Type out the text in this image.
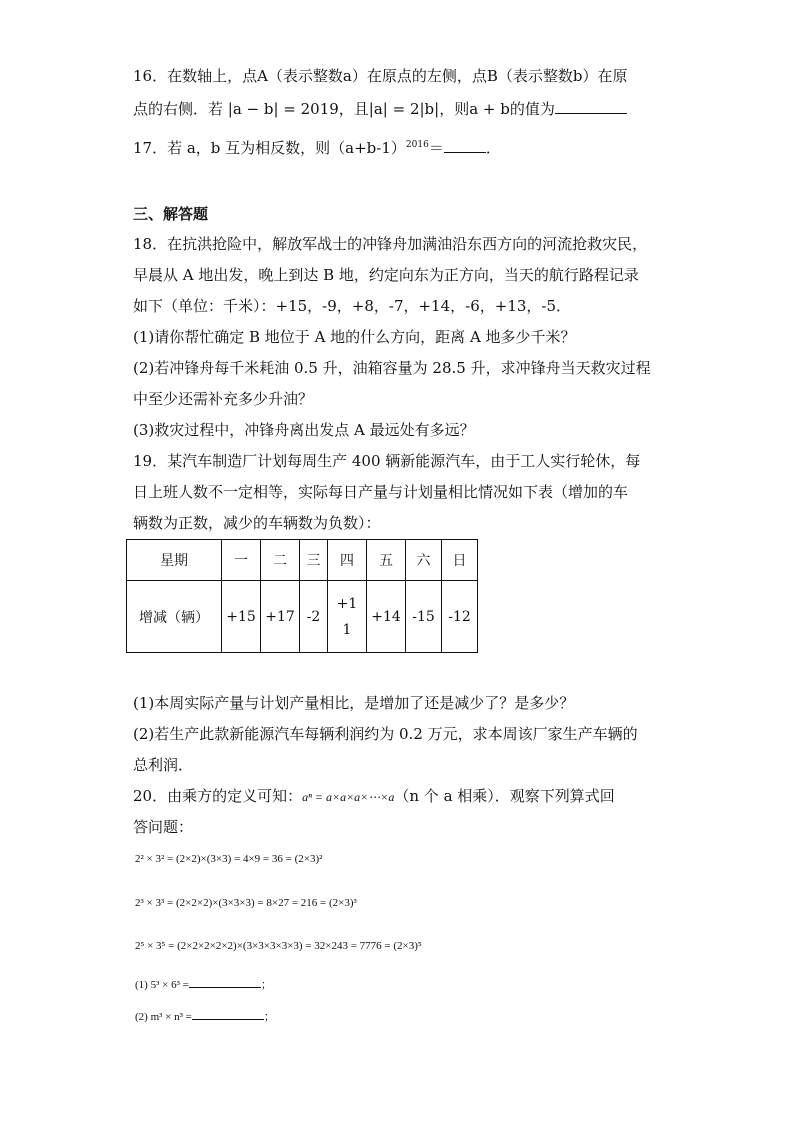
16．在数轴上，点A（表示整数a）在原点的左侧，点B（表示整数b）在原
点的右侧．若 |a − b| = 2019，且|a| = 2|b|，则a + b的值为
17．若 a，b 互为相反数，则$(a+b-1)^{2016}=$	．
三、解答题
18．在抗洪抢险中，解放军战士的冲锋舟加满油沿东西方向的河流抢救灾民，
早晨从 A 地出发，晚上到达 B 地，约定向东为正方向，当天的航行路程记录
如下（单位：千米）：+15，-9，+8，-7，+14，-6，+13，-5．
(1)请你帮忙确定 B 地位于 A 地的什么方向，距离 A 地多少千米？
(2)若冲锋舟每千米耗油 0.5 升，油箱容量为 28.5 升，求冲锋舟当天救灾过程
中至少还需补充多少升油？
(3)救灾过程中，冲锋舟离出发点 A 最远处有多远？
19．某汽车制造厂计划每周生产 400 辆新能源汽车，由于工人实行轮休，每
日上班人数不一定相等，实际每日产量与计划量相比情况如下表（增加的车
辆数为正数，减少的车辆数为负数）：
星期	一	二	三	四	五	六	日
增减（辆）	+15	+17	-2	+1
1	+14	-15	-12
(1)本周实际产量与计划产量相比，是增加了还是减少了？是多少？
(2)若生产此款新能源汽车每辆利润约为 0.2 万元，求本周该厂家生产车辆的
总利润．
20．由乘方的定义可知：aⁿ = a×a×a×⋯×a（n 个 a 相乘）．观察下列算式回
答问题：
2² × 3² = (2×2)×(3×3) = 4×9 = 36 = (2×3)²
2³ × 3³ = (2×2×2)×(3×3×3) = 8×27 = 216 = (2×3)³
2⁵ × 3⁵ = (2×2×2×2×2)×(3×3×3×3×3) = 32×243 = 7776 = (2×3)⁵
(1) 5³ × 6³ =	；
(2) m³ × n³ =	；
